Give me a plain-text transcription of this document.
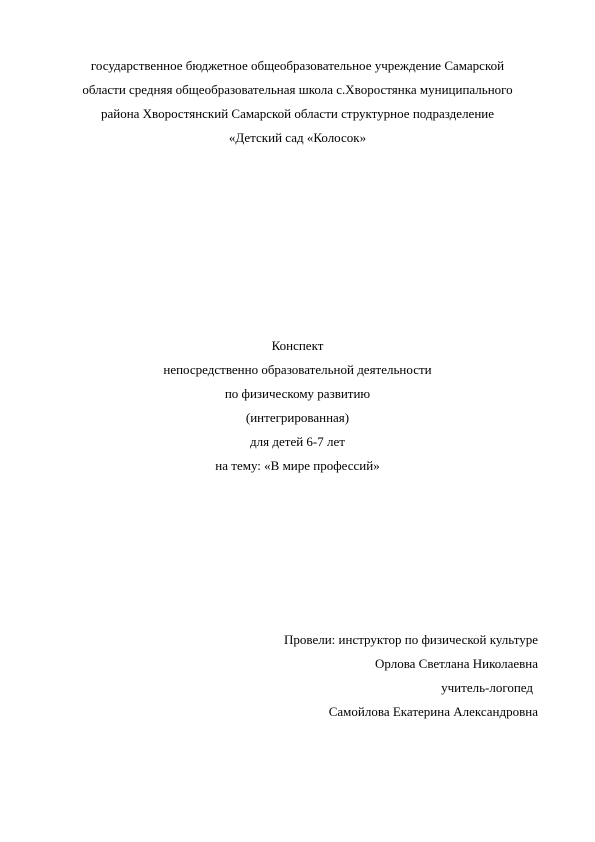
государственное бюджетное общеобразовательное учреждение Самарской
области средняя общеобразовательная школа с.Хворостянка муниципального
района Хворостянский Самарской области структурное подразделение
«Детский сад «Колосок»
Конспект
непосредственно образовательной деятельности
по физическому развитию
(интегрированная)
для детей 6-7 лет
на тему: «В мире профессий»
Провели: инструктор по физической культуре
Орлова Светлана Николаевна
учитель-логопед
Самойлова Екатерина Александровна
